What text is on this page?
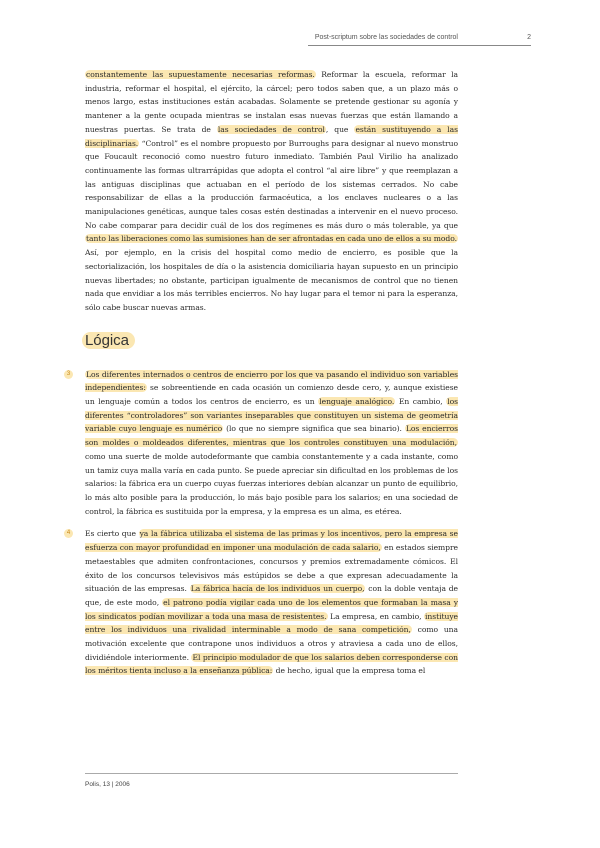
Post-scriptum sobre las sociedades de control	2

constantemente las supuestamente necesarias reformas. Reformar la escuela, reformar la industria, reformar el hospital, el ejército, la cárcel; pero todos saben que, a un plazo más o menos largo, estas instituciones están acabadas. Solamente se pretende gestionar su agonía y mantener a la gente ocupada mientras se instalan esas nuevas fuerzas que están llamando a nuestras puertas. Se trata de las sociedades de control, que están sustituyendo a las disciplinarias. “Control” es el nombre propuesto por Burroughs para designar al nuevo monstruo que Foucault reconoció como nuestro futuro inmediato. También Paul Virilio ha analizado continuamente las formas ultrarrápidas que adopta el control “al aire libre” y que reemplazan a las antiguas disciplinas que actuaban en el período de los sistemas cerrados. No cabe responsabilizar de ellas a la producción farmacéutica, a los enclaves nucleares o a las manipulaciones genéticas, aunque tales cosas estén destinadas a intervenir en el nuevo proceso. No cabe comparar para decidir cuál de los dos regímenes es más duro o más tolerable, ya que tanto las liberaciones como las sumisiones han de ser afrontadas en cada uno de ellos a su modo. Así, por ejemplo, en la crisis del hospital como medio de encierro, es posible que la sectorialización, los hospitales de día o la asistencia domiciliaria hayan supuesto en un principio nuevas libertades; no obstante, participan igualmente de mecanismos de control que no tienen nada que envidiar a los más terribles encierros. No hay lugar para el temor ni para la esperanza, sólo cabe buscar nuevas armas.

Lógica

3	Los diferentes internados o centros de encierro por los que va pasando el individuo son variables independientes: se sobreentiende en cada ocasión un comienzo desde cero, y, aunque existiese un lenguaje común a todos los centros de encierro, es un lenguaje analógico. En cambio, los diferentes “controladores” son variantes inseparables que constituyen un sistema de geometría variable cuyo lenguaje es numérico (lo que no siempre significa que sea binario). Los encierros son moldes o moldeados diferentes, mientras que los controles constituyen una modulación, como una suerte de molde autodeformante que cambia constantemente y a cada instante, como un tamiz cuya malla varía en cada punto. Se puede apreciar sin dificultad en los problemas de los salarios: la fábrica era un cuerpo cuyas fuerzas interiores debían alcanzar un punto de equilibrio, lo más alto posible para la producción, lo más bajo posible para los salarios; en una sociedad de control, la fábrica es sustituida por la empresa, y la empresa es un alma, es etérea.

4	Es cierto que ya la fábrica utilizaba el sistema de las primas y los incentivos, pero la empresa se esfuerza con mayor profundidad en imponer una modulación de cada salario, en estados siempre metaestables que admiten confrontaciones, concursos y premios extremadamente cómicos. El éxito de los concursos televisivos más estúpidos se debe a que expresan adecuadamente la situación de las empresas. La fábrica hacía de los individuos un cuerpo, con la doble ventaja de que, de este modo, el patrono podía vigilar cada uno de los elementos que formaban la masa y los sindicatos podían movilizar a toda una masa de resistentes. La empresa, en cambio, instituye entre los individuos una rivalidad interminable a modo de sana competición, como una motivación excelente que contrapone unos individuos a otros y atraviesa a cada uno de ellos, dividiéndole interiormente. El principio modulador de que los salarios deben corresponderse con los méritos tienta incluso a la enseñanza pública: de hecho, igual que la empresa toma el

Polis, 13 | 2006
